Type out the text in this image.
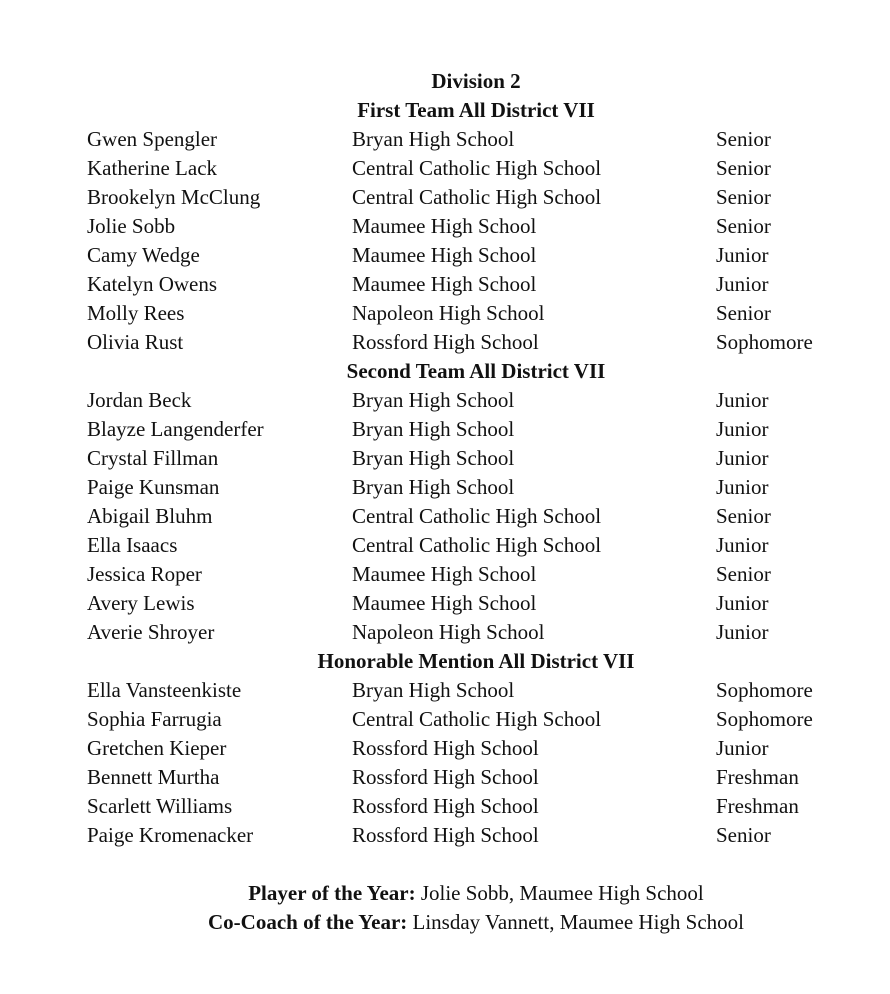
Division 2
First Team All District VII
Gwen Spengler	Bryan High School	Senior
Katherine Lack	Central Catholic High School	Senior
Brookelyn McClung	Central Catholic High School	Senior
Jolie Sobb	Maumee High School	Senior
Camy Wedge	Maumee High School	Junior
Katelyn Owens	Maumee High School	Junior
Molly Rees	Napoleon High School	Senior
Olivia Rust	Rossford High School	Sophomore
Second Team All District VII
Jordan Beck	Bryan High School	Junior
Blayze Langenderfer	Bryan High School	Junior
Crystal Fillman	Bryan High School	Junior
Paige Kunsman	Bryan High School	Junior
Abigail Bluhm	Central Catholic High School	Senior
Ella Isaacs	Central Catholic High School	Junior
Jessica Roper	Maumee High School	Senior
Avery Lewis	Maumee High School	Junior
Averie Shroyer	Napoleon High School	Junior
Honorable Mention All District VII
Ella Vansteenkiste	Bryan High School	Sophomore
Sophia Farrugia	Central Catholic High School	Sophomore
Gretchen Kieper	Rossford High School	Junior
Bennett Murtha	Rossford High School	Freshman
Scarlett Williams	Rossford High School	Freshman
Paige Kromenacker	Rossford High School	Senior
Player of the Year: Jolie Sobb, Maumee High School
Co-Coach of the Year: Linsday Vannett, Maumee High School
